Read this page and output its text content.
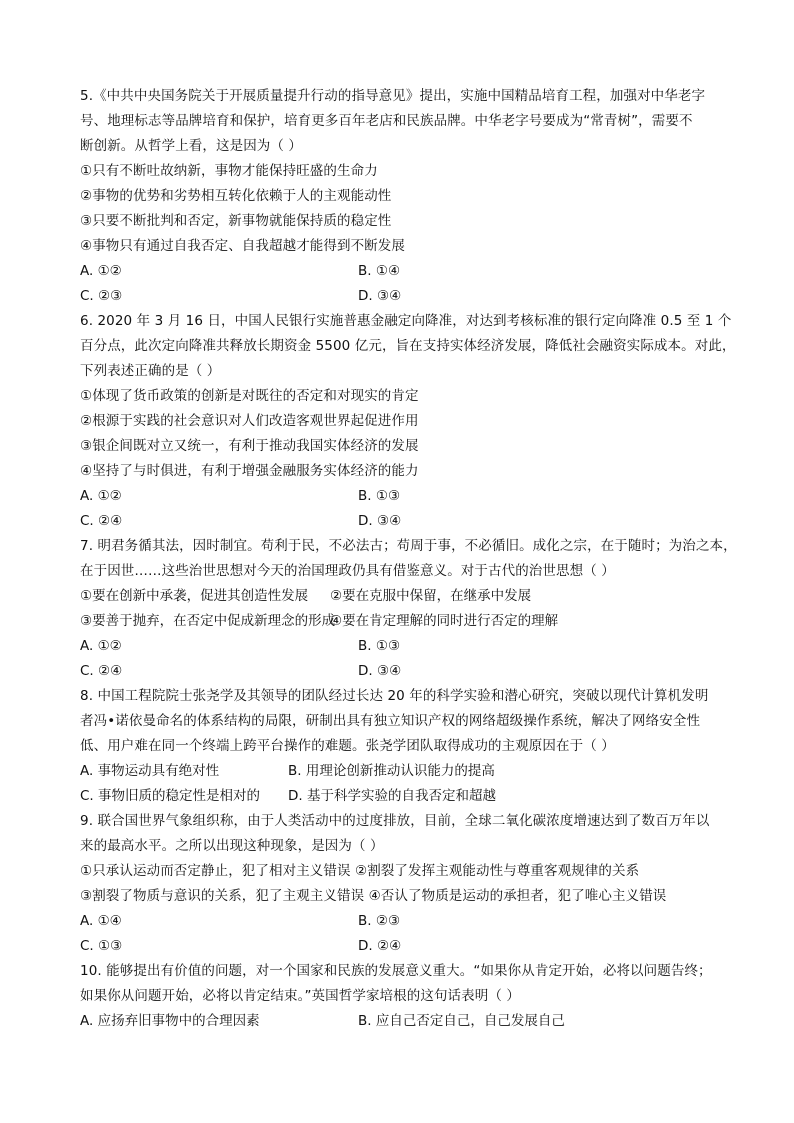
5.《中共中央国务院关于开展质量提升行动的指导意见》提出，实施中国精品培育工程，加强对中华老字
号、地理标志等品牌培育和保护，培育更多百年老店和民族品牌。中华老字号要成为“常青树”，需要不
断创新。从哲学上看，这是因为（ ）
①只有不断吐故纳新，事物才能保持旺盛的生命力
②事物的优势和劣势相互转化依赖于人的主观能动性
③只要不断批判和否定，新事物就能保持质的稳定性
④事物只有通过自我否定、自我超越才能得到不断发展
A. ①②	B. ①④
C. ②③	D. ③④
6. 2020 年 3 月 16 日，中国人民银行实施普惠金融定向降准，对达到考核标准的银行定向降准 0.5 至 1 个
百分点，此次定向降准共释放长期资金 5500 亿元，旨在支持实体经济发展，降低社会融资实际成本。对此，
下列表述正确的是（ ）
①体现了货币政策的创新是对既往的否定和对现实的肯定
②根源于实践的社会意识对人们改造客观世界起促进作用
③银企间既对立又统一，有利于推动我国实体经济的发展
④坚持了与时俱进，有利于增强金融服务实体经济的能力
A. ①②	B. ①③
C. ②④	D. ③④
7. 明君务循其法，因时制宜。苟利于民，不必法古；苟周于事，不必循旧。成化之宗，在于随时；为治之本，
在于因世……这些治世思想对今天的治国理政仍具有借鉴意义。对于古代的治世思想（ ）
①要在创新中承袭，促进其创造性发展	②要在克服中保留，在继承中发展
③要善于抛弃，在否定中促成新理念的形成
④要在肯定理解的同时进行否定的理解
A. ①②	B. ①③
C. ②④	D. ③④
8. 中国工程院院士张尧学及其领导的团队经过长达 20 年的科学实验和潜心研究，突破以现代计算机发明
者冯•诺依曼命名的体系结构的局限，研制出具有独立知识产权的网络超级操作系统，解决了网络安全性
低、用户难在同一个终端上跨平台操作的难题。张尧学团队取得成功的主观原因在于（ ）
A. 事物运动具有绝对性	B. 用理论创新推动认识能力的提高
C. 事物旧质的稳定性是相对的	D. 基于科学实验的自我否定和超越
9. 联合国世界气象组织称，由于人类活动中的过度排放，目前，全球二氧化碳浓度增速达到了数百万年以
来的最高水平。之所以出现这种现象，是因为（ ）
①只承认运动而否定静止，犯了相对主义错误 ②割裂了发挥主观能动性与尊重客观规律的关系
③割裂了物质与意识的关系，犯了主观主义错误 ④否认了物质是运动的承担者，犯了唯心主义错误
A. ①④	B. ②③
C. ①③	D. ②④
10. 能够提出有价值的问题，对一个国家和民族的发展意义重大。“如果你从肯定开始，必将以问题告终；
如果你从问题开始，必将以肯定结束。”英国哲学家培根的这句话表明（ ）
A. 应扬弃旧事物中的合理因素	B. 应自己否定自己，自己发展自己
